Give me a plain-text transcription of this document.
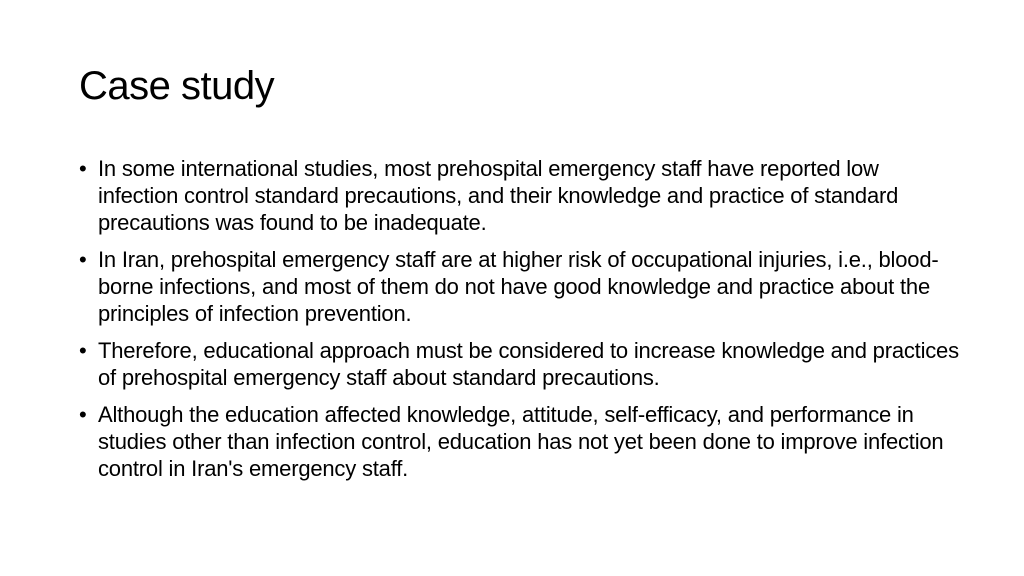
Case study
• In some international studies, most prehospital emergency staff have reported low infection control standard precautions, and their knowledge and practice of standard precautions was found to be inadequate.
• In Iran, prehospital emergency staff are at higher risk of occupational injuries, i.e., blood-borne infections, and most of them do not have good knowledge and practice about the principles of infection prevention.
• Therefore, educational approach must be considered to increase knowledge and practices of prehospital emergency staff about standard precautions.
• Although the education affected knowledge, attitude, self-efficacy, and performance in studies other than infection control, education has not yet been done to improve infection control in Iran's emergency staff.
